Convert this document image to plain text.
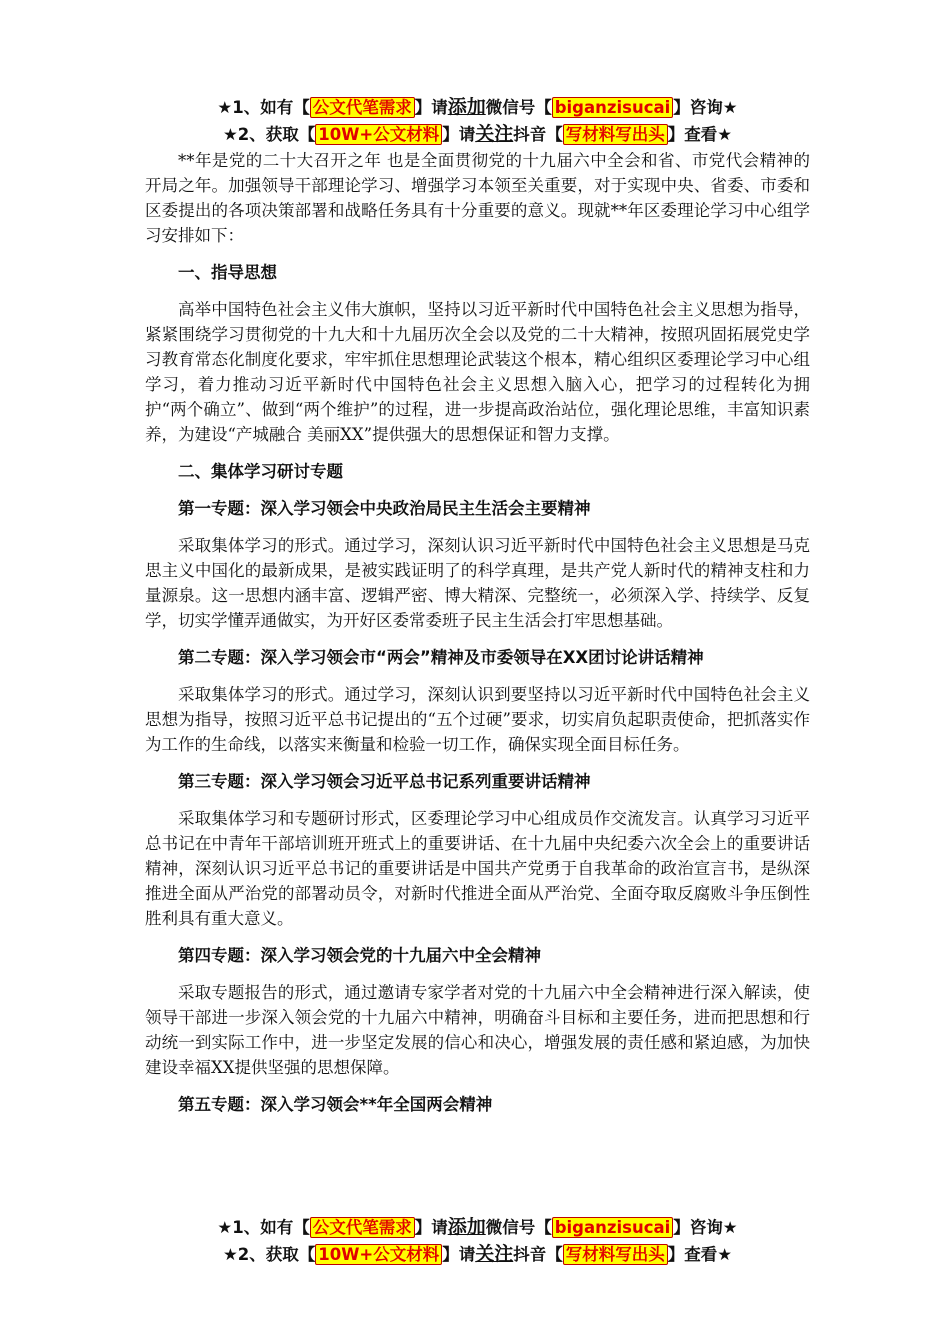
★1、如有【 公文代笔需求 】请添加微信号【 biganzisucai 】咨询★
★2、获取【 10W+公文材料 】请关注抖音【 写材料写出头 】查看★

**年是党的二十大召开之年 也是全面贯彻党的十九届六中全会和省、市党代会精神的开局之年。加强领导干部理论学习、增强学习本领至关重要，对于实现中央、省委、市委和区委提出的各项决策部署和战略任务具有十分重要的意义。现就**年区委理论学习中心组学习安排如下：

一、指导思想

高举中国特色社会主义伟大旗帜，坚持以习近平新时代中国特色社会主义思想为指导，紧紧围绕学习贯彻党的十九大和十九届历次全会以及党的二十大精神，按照巩固拓展党史学习教育常态化制度化要求，牢牢抓住思想理论武装这个根本，精心组织区委理论学习中心组学习，着力推动习近平新时代中国特色社会主义思想入脑入心，把学习的过程转化为拥护“两个确立”、做到“两个维护”的过程，进一步提高政治站位，强化理论思维，丰富知识素养，为建设“产城融合 美丽XX”提供强大的思想保证和智力支撑。

二、集体学习研讨专题

第一专题：深入学习领会中央政治局民主生活会主要精神

采取集体学习的形式。通过学习，深刻认识习近平新时代中国特色社会主义思想是马克思主义中国化的最新成果，是被实践证明了的科学真理，是共产党人新时代的精神支柱和力量源泉。这一思想内涵丰富、逻辑严密、博大精深、完整统一，必须深入学、持续学、反复学，切实学懂弄通做实，为开好区委常委班子民主生活会打牢思想基础。

第二专题：深入学习领会市“两会”精神及市委领导在XX团讨论讲话精神

采取集体学习的形式。通过学习，深刻认识到要坚持以习近平新时代中国特色社会主义思想为指导，按照习近平总书记提出的“五个过硬”要求，切实肩负起职责使命，把抓落实作为工作的生命线，以落实来衡量和检验一切工作，确保实现全面目标任务。

第三专题：深入学习领会习近平总书记系列重要讲话精神

采取集体学习和专题研讨形式，区委理论学习中心组成员作交流发言。认真学习习近平总书记在中青年干部培训班开班式上的重要讲话、在十九届中央纪委六次全会上的重要讲话精神，深刻认识习近平总书记的重要讲话是中国共产党勇于自我革命的政治宣言书，是纵深推进全面从严治党的部署动员令，对新时代推进全面从严治党、全面夺取反腐败斗争压倒性胜利具有重大意义。

第四专题：深入学习领会党的十九届六中全会精神

采取专题报告的形式，通过邀请专家学者对党的十九届六中全会精神进行深入解读，使领导干部进一步深入领会党的十九届六中精神，明确奋斗目标和主要任务，进而把思想和行动统一到实际工作中，进一步坚定发展的信心和决心，增强发展的责任感和紧迫感，为加快建设幸福XX提供坚强的思想保障。

第五专题：深入学习领会**年全国两会精神

★1、如有【 公文代笔需求 】请添加微信号【 biganzisucai 】咨询★
★2、获取【 10W+公文材料 】请关注抖音【 写材料写出头 】查看★
